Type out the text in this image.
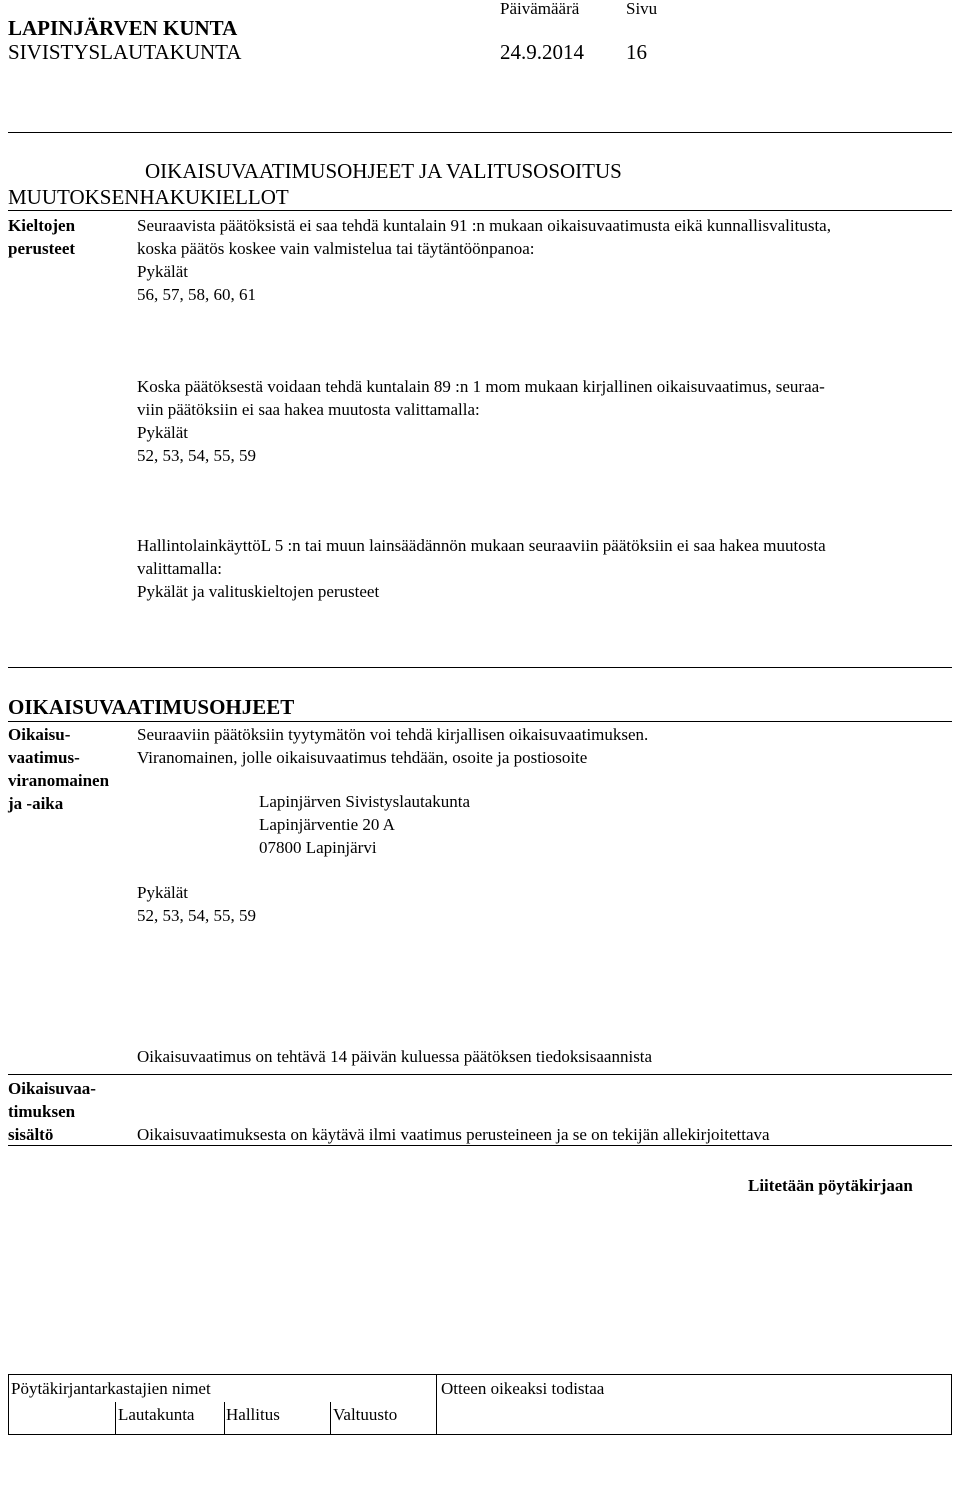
LAPINJÄRVEN KUNTA
SIVISTYSLAUTAKUNTA
Päivämäärä
24.9.2014
Sivu
16
OIKAISUVAATIMUSOHJEET JA VALITUSOSOITUS
MUUTOKSENHAKUKIELLOT
Kieltojen
perusteet
Seuraavista päätöksistä ei saa tehdä kuntalain 91 :n mukaan oikaisuvaatimusta eikä kunnallisvalitusta,
koska päätös koskee vain valmistelua tai täytäntöönpanoa:
Pykälät
56, 57, 58, 60, 61
Koska päätöksestä voidaan tehdä kuntalain 89 :n 1 mom mukaan kirjallinen oikaisuvaatimus, seuraa-
viin päätöksiin ei saa hakea muutosta valittamalla:
Pykälät
52, 53, 54, 55, 59
HallintolainkäyttöL 5 :n tai muun lainsäädännön mukaan seuraaviin päätöksiin ei saa hakea muutosta
valittamalla:
Pykälät ja valituskieltojen perusteet
OIKAISUVAATIMUSOHJEET
Oikaisu-
vaatimus-
viranomainen
ja -aika
Seuraaviin päätöksiin tyytymätön voi tehdä kirjallisen oikaisuvaatimuksen.
Viranomainen, jolle oikaisuvaatimus tehdään, osoite ja postiosoite
Lapinjärven Sivistyslautakunta
Lapinjärventie 20 A
07800 Lapinjärvi
Pykälät
52, 53, 54, 55, 59
Oikaisuvaatimus on tehtävä 14 päivän kuluessa päätöksen tiedoksisaannista
Oikaisuvaa-
timuksen
sisältö	Oikaisuvaatimuksesta on käytävä ilmi vaatimus perusteineen ja se on tekijän allekirjoitettava
Liitetään pöytäkirjaan
Pöytäkirjantarkastajien nimet
Lautakunta Hallitus	Valtuusto
Otteen oikeaksi todistaa
